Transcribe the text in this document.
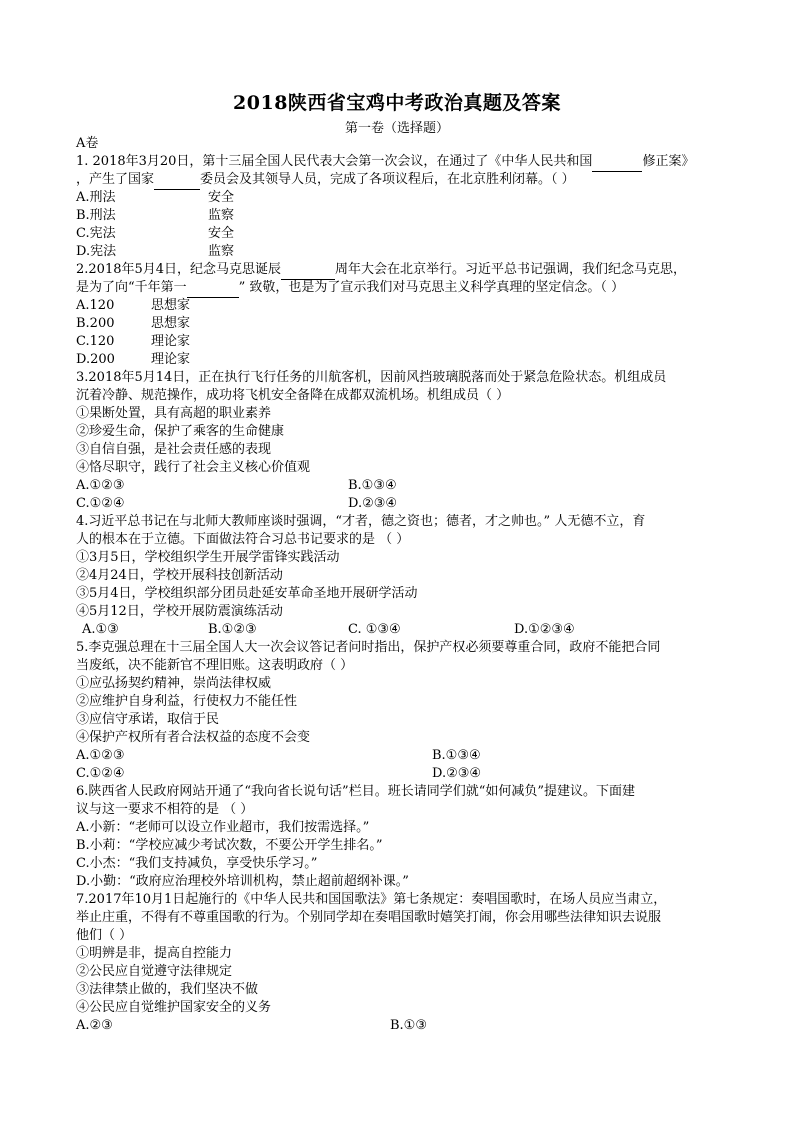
2018陕西省宝鸡中考政治真题及答案
第一卷（选择题）
A卷
1. 2018年3月20日，第十三届全国人民代表大会第一次会议，在通过了《中华人民共和国	修正案》
，产生了国家	委员会及其领导人员，完成了各项议程后，在北京胜利闭幕。（ ）
A.刑法	安全
B.刑法	监察
C.宪法	安全
D.宪法	监察
2.2018年5月4日，纪念马克思诞辰	周年大会在北京举行。习近平总书记强调，我们纪念马克思，
是为了向“千年第一	” 致敬，也是为了宣示我们对马克思主义科学真理的坚定信念。（ ）
A.120	思想家
B.200	思想家
C.120	理论家
D.200	理论家
3.2018年5月14日，正在执行飞行任务的川航客机，因前风挡玻璃脱落而处于紧急危险状态。机组成员
沉着冷静、规范操作，成功将飞机安全备降在成都双流机场。机组成员（ ）
①果断处置，具有高超的职业素养
②珍爱生命，保护了乘客的生命健康
③自信自强，是社会责任感的表现
④恪尽职守，践行了社会主义核心价值观
A.①②③	B.①③④
C.①②④	D.②③④
4.习近平总书记在与北师大教师座谈时强调，“才者，德之资也；德者，才之帅也。” 人无德不立，育
人的根本在于立德。下面做法符合习总书记要求的是 （ ）
①3月5日，学校组织学生开展学雷锋实践活动
②4月24日，学校开展科技创新活动
③5月4日，学校组织部分团员赴延安革命圣地开展研学活动
④5月12日，学校开展防震演练活动
A.①③	B.①②③	C. ①③④	D.①②③④
5.李克强总理在十三届全国人大一次会议答记者问时指出，保护产权必须要尊重合同，政府不能把合同
当废纸，决不能新官不理旧账。这表明政府（ ）
①应弘扬契约精神，崇尚法律权威
②应维护自身利益，行使权力不能任性
③应信守承诺，取信于民
④保护产权所有者合法权益的态度不会变
A.①②③	B.①③④
C.①②④	D.②③④
6.陕西省人民政府网站开通了“我向省长说句话”栏目。班长请同学们就“如何减负”提建议。下面建
议与这一要求不相符的是 （ ）
A.小新：“老师可以设立作业超市，我们按需选择。”
B.小莉：“学校应减少考试次数，不要公开学生排名。”
C.小杰：“我们支持减负，享受快乐学习。”
D.小勤：“政府应治理校外培训机构，禁止超前超纲补课。”
7.2017年10月1日起施行的《中华人民共和国国歌法》第七条规定：奏唱国歌时，在场人员应当肃立，
举止庄重，不得有不尊重国歌的行为。个别同学却在奏唱国歌时嬉笑打闹，你会用哪些法律知识去说服
他们（ ）
①明辨是非，提高自控能力
②公民应自觉遵守法律规定
③法律禁止做的，我们坚决不做
④公民应自觉维护国家安全的义务
A.②③	B.①③
